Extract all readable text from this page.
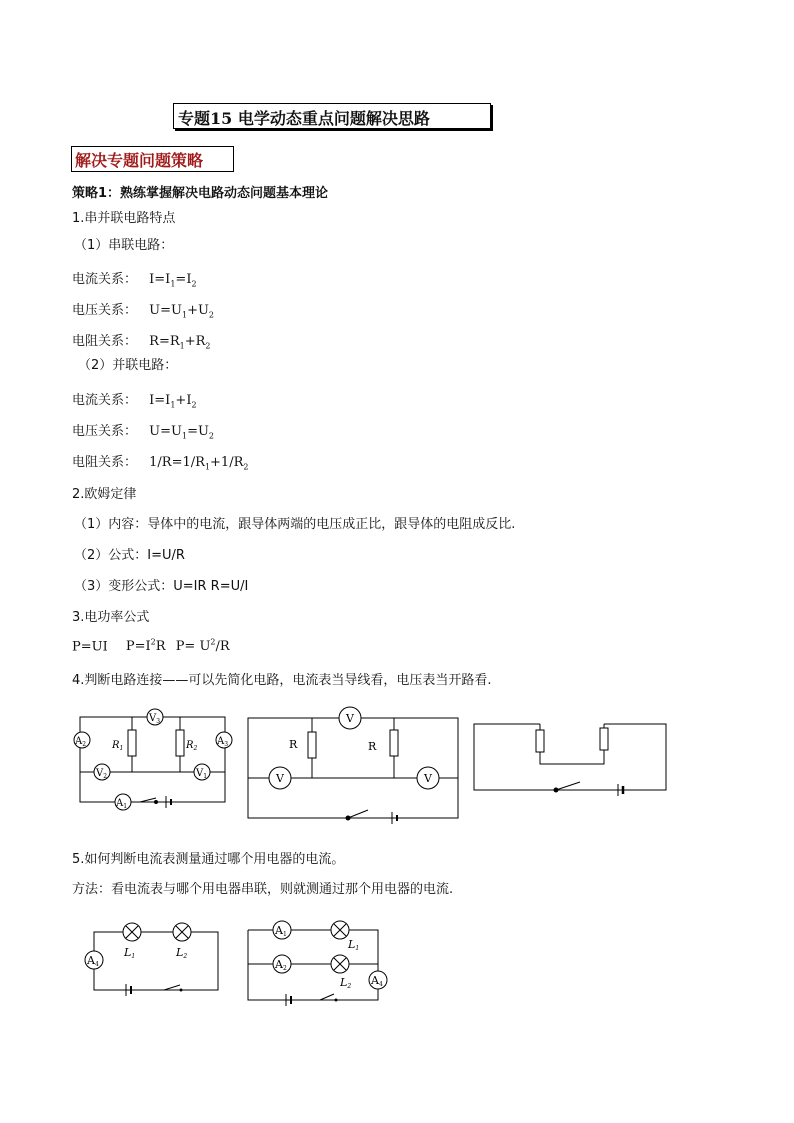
专题15 电学动态重点问题解决思路
解决专题问题策略
策略1：熟练掌握解决电路动态问题基本理论
1.串并联电路特点
（1）串联电路：
电流关系： $I=I_1=I_2$
电压关系： $U=U_1+U_2$
电阻关系： $R=R_1+R_2$
（2）并联电路：
电流关系： $I=I_1+I_2$
电压关系： $U=U_1=U_2$
电阻关系： $1/R=1/R_1+1/R_2$
2.欧姆定律
（1）内容：导体中的电流，跟导体两端的电压成正比，跟导体的电阻成反比.
（2）公式：I=U/R
（3）变形公式：U=IR R=U/I
3.电功率公式
P=UI $P=I^2R$ $P= U^2/R$
4.判断电路连接——可以先简化电路，电流表当导线看，电压表当开路看.
$V_3$
$A_2$	$A_3$
$V_2$	$V_1$
$A_1$
$R_1$	$R_2$
V
V	V
R	R
5.如何判断电流表测量通过哪个用电器的电流。
方法：看电流表与哪个用电器串联，则就测通过那个用电器的电流.
A4
L1	L2
A1
A2
A4
L1
L2
